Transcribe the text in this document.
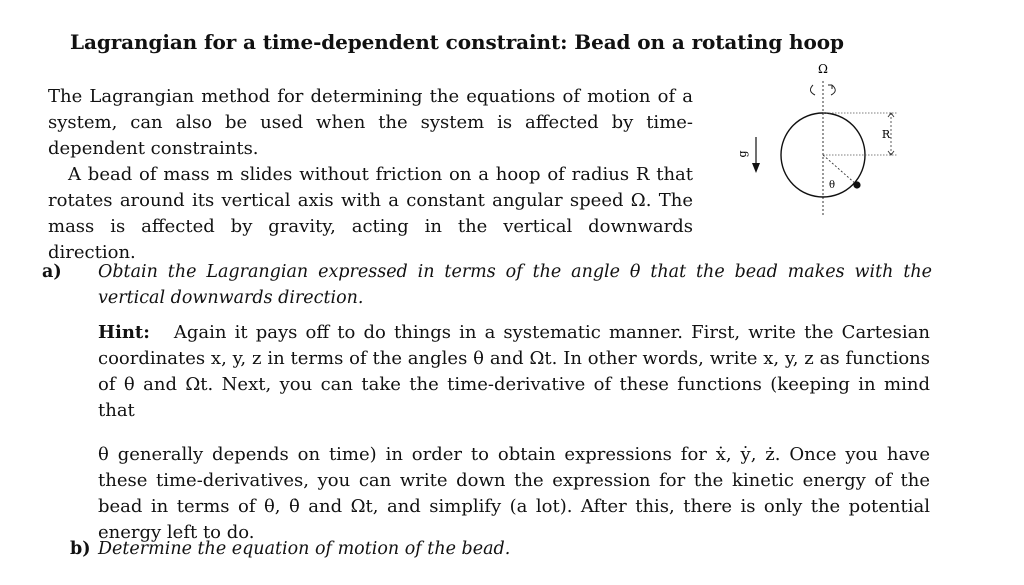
Lagrangian for a time-dependent constraint: Bead on a rotating hoop

The Lagrangian method for determining the equations of motion of a system, can also be used when the system is affected by time-dependent constraints.

A bead of mass m slides without friction on a hoop of radius R that rotates around its vertical axis with a constant angular speed Ω. The mass is affected by gravity, acting in the vertical downwards direction.

Ω
R
g
θ

a) Obtain the Lagrangian expressed in terms of the angle θ that the bead makes with the vertical downwards direction.

Hint: Again it pays off to do things in a systematic manner. First, write the Cartesian coordinates x, y, z in terms of the angles θ and Ωt. In other words, write x, y, z as functions of θ and Ωt. Next, you can take the time-derivative of these functions (keeping in mind that

θ generally depends on time) in order to obtain expressions for ẋ, ẏ, ż. Once you have these time-derivatives, you can write down the expression for the kinetic energy of the bead in terms of θ, θ̇ and Ωt, and simplify (a lot). After this, there is only the potential energy left to do.

b) Determine the equation of motion of the bead.
